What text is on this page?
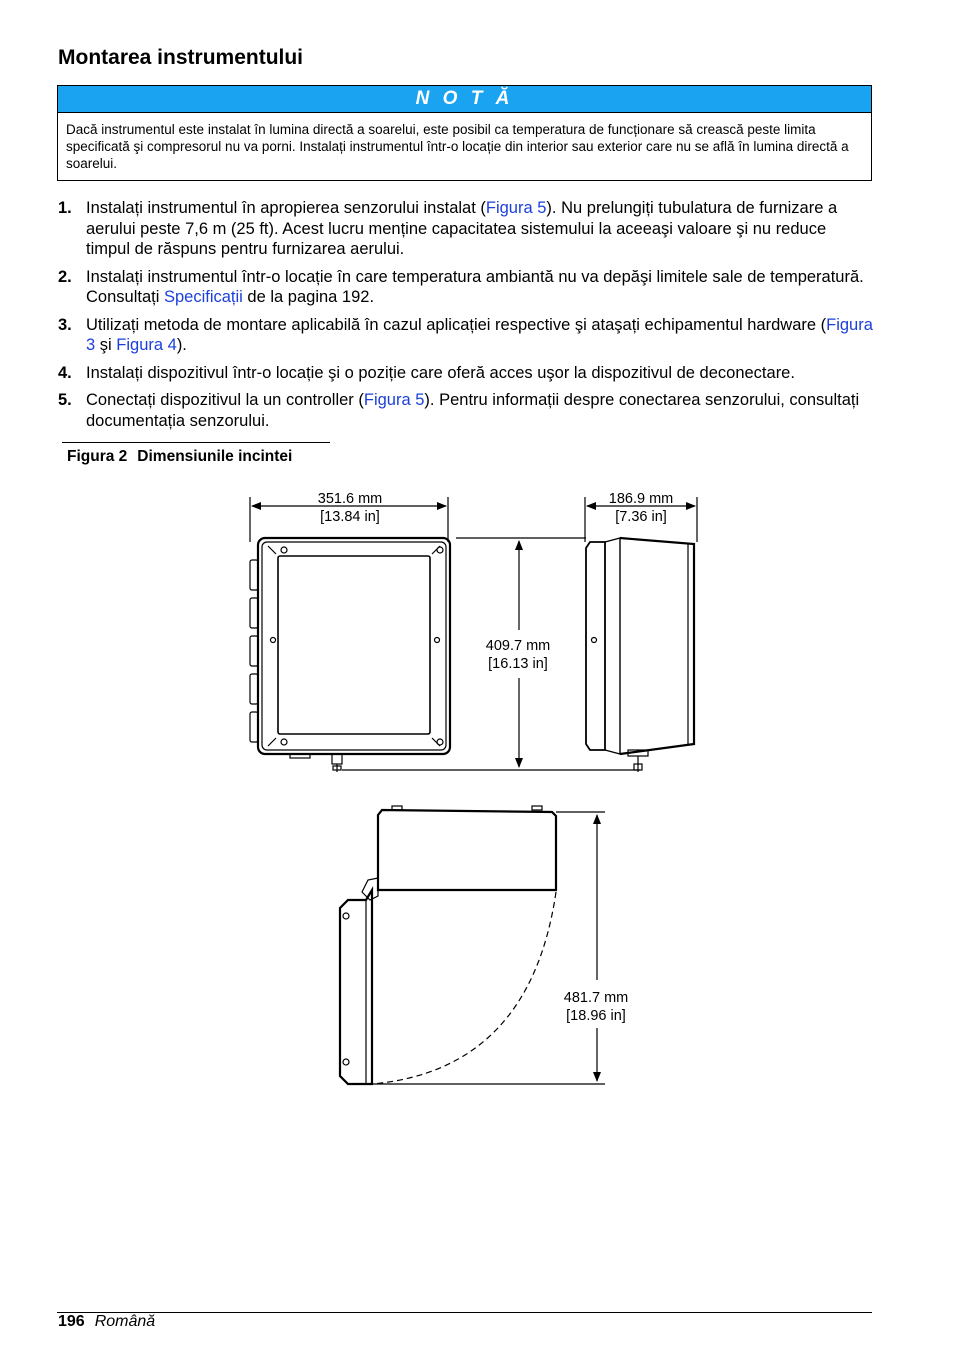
Montarea instrumentului
N O T Ă
Dacă instrumentul este instalat în lumina directă a soarelui, este posibil ca temperatura de funcționare să crească peste limita specificată şi compresorul nu va porni. Instalați instrumentul într-o locație din interior sau exterior care nu se află în lumina directă a soarelui.
1. Instalați instrumentul în apropierea senzorului instalat (Figura 5). Nu prelungiți tubulatura de furnizare a aerului peste 7,6 m (25 ft). Acest lucru menține capacitatea sistemului la aceeaşi valoare şi nu reduce timpul de răspuns pentru furnizarea aerului.
2. Instalați instrumentul într-o locație în care temperatura ambiantă nu va depăşi limitele sale de temperatură. Consultați Specificații de la pagina 192.
3. Utilizați metoda de montare aplicabilă în cazul aplicației respective şi ataşați echipamentul hardware (Figura 3 şi Figura 4).
4. Instalați dispozitivul într-o locație şi o poziție care oferă acces uşor la dispozitivul de deconectare.
5. Conectați dispozitivul la un controller (Figura 5). Pentru informații despre conectarea senzorului, consultați documentația senzorului.
Figura 2 Dimensiunile incintei
351.6 mm
[13.84 in]
186.9 mm
[7.36 in]
409.7 mm
[16.13 in]
481.7 mm
[18.96 in]
196 Română
